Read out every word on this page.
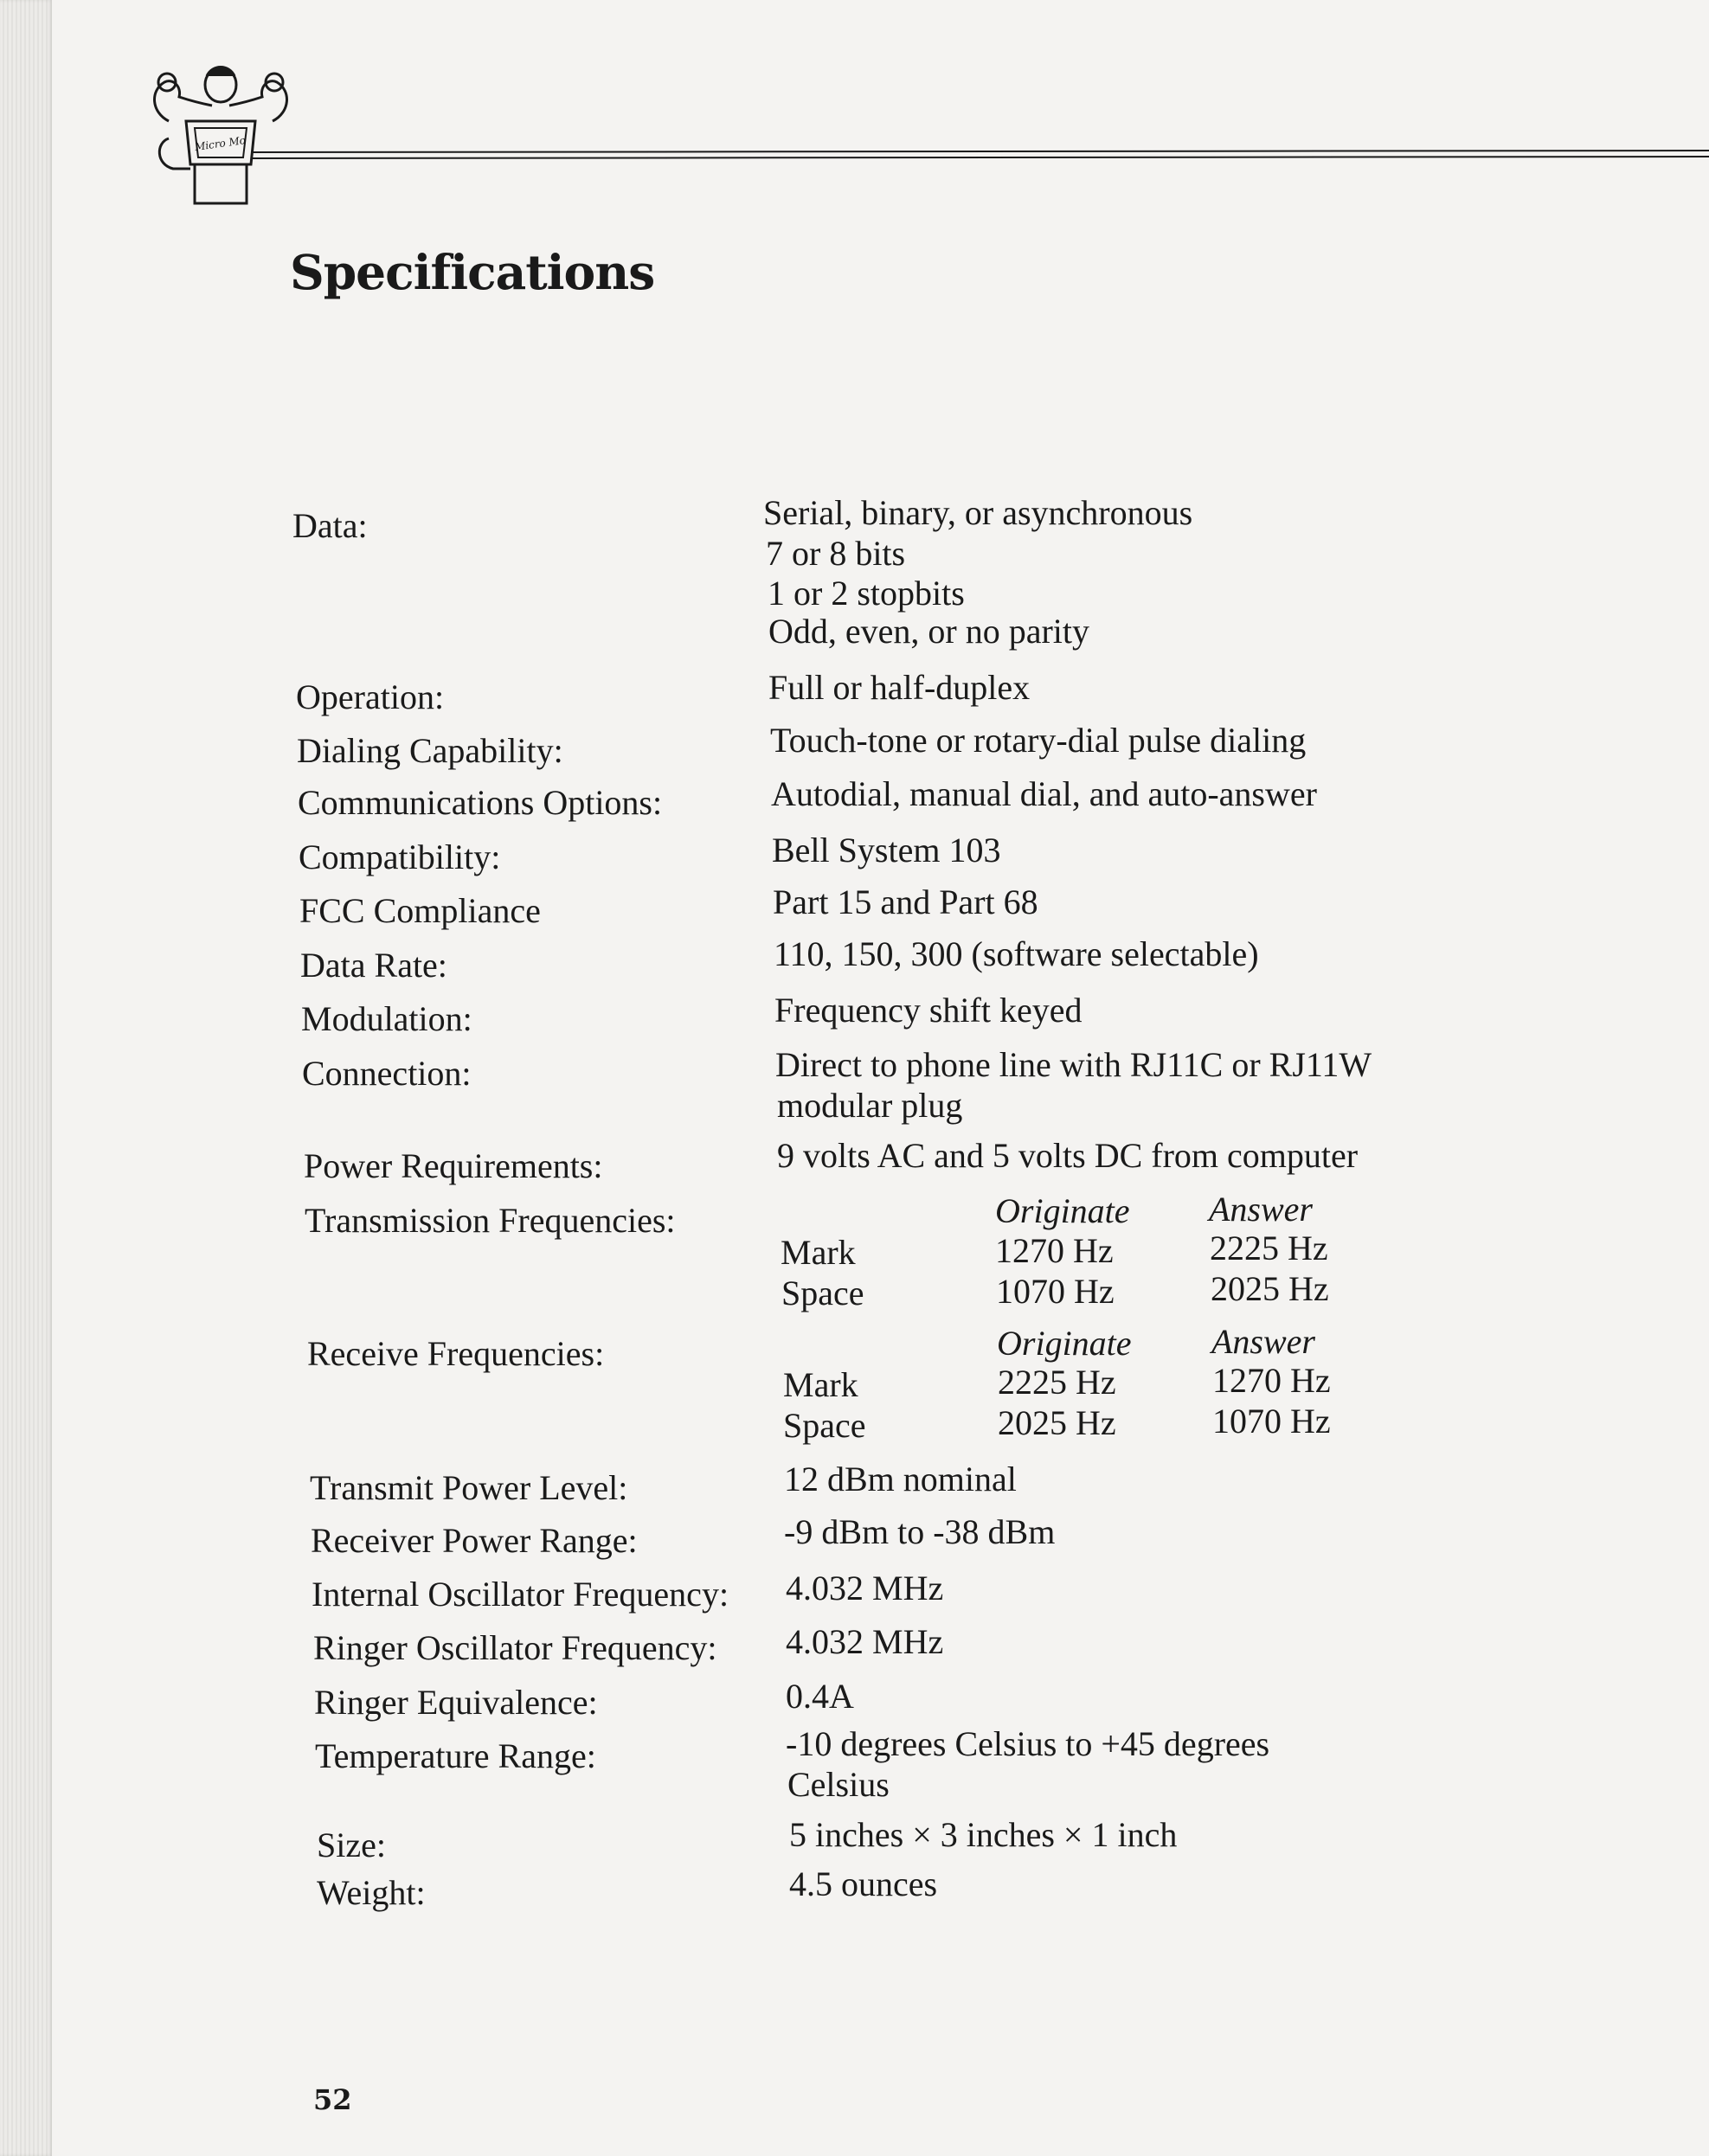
Micro Mo
Specifications
Data:	Serial, binary, or asynchronous
7 or 8 bits
1 or 2 stopbits
Odd, even, or no parity
Operation:	Full or half-duplex
Dialing Capability:	Touch-tone or rotary-dial pulse dialing
Communications Options:	Autodial, manual dial, and auto-answer
Compatibility:	Bell System 103
FCC Compliance	Part 15 and Part 68
Data Rate:	110, 150, 300 (software selectable)
Modulation:	Frequency shift keyed
Connection:	Direct to phone line with RJ11C or RJ11W
modular plug
Power Requirements:	9 volts AC and 5 volts DC from computer
Transmission Frequencies:	Originate Answer
Mark	1270 Hz	2225 Hz
Space	1070 Hz	2025 Hz
Receive Frequencies:	Originate Answer
Mark	2225 Hz	1270 Hz
Space	2025 Hz	1070 Hz
Transmit Power Level:	12 dBm nominal
Receiver Power Range:	-9 dBm to -38 dBm
Internal Oscillator Frequency: 4.032 MHz
Ringer Oscillator Frequency: 4.032 MHz
Ringer Equivalence:	0.4A
Temperature Range:	-10 degrees Celsius to +45 degrees
Celsius
Size:	5 inches × 3 inches × 1 inch
Weight:	4.5 ounces
52
